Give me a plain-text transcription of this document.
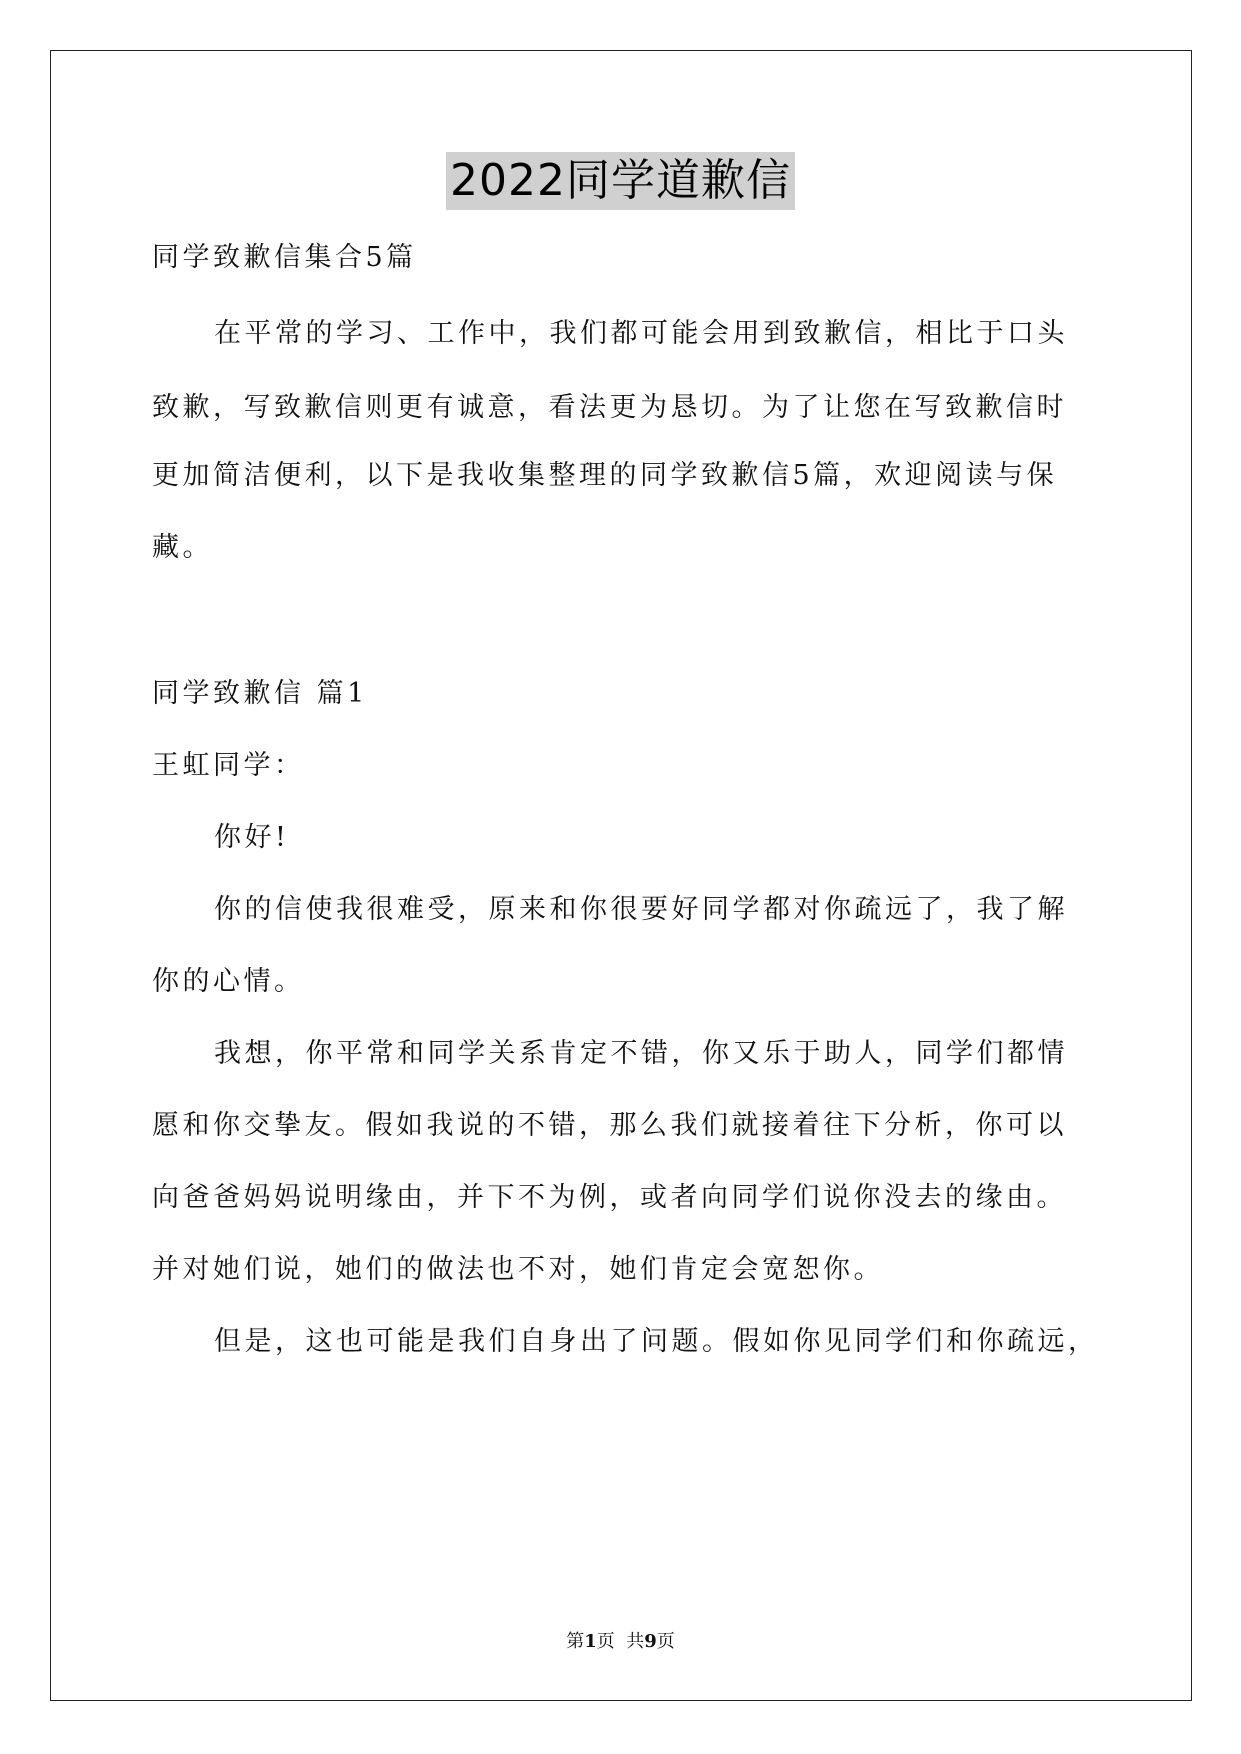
2022同学道歉信
同学致歉信集合5篇
在平常的学习、工作中，我们都可能会用到致歉信，相比于口头
致歉，写致歉信则更有诚意，看法更为恳切。为了让您在写致歉信时
更加简洁便利，以下是我收集整理的同学致歉信5篇，欢迎阅读与保
藏。
同学致歉信 篇1
王虹同学：
你好!
你的信使我很难受，原来和你很要好同学都对你疏远了，我了解
你的心情。
我想，你平常和同学关系肯定不错，你又乐于助人，同学们都情
愿和你交挚友。假如我说的不错，那么我们就接着往下分析，你可以
向爸爸妈妈说明缘由，并下不为例，或者向同学们说你没去的缘由。
并对她们说，她们的做法也不对，她们肯定会宽恕你。
但是，这也可能是我们自身出了问题。假如你见同学们和你疏远，
第1页  共9页
